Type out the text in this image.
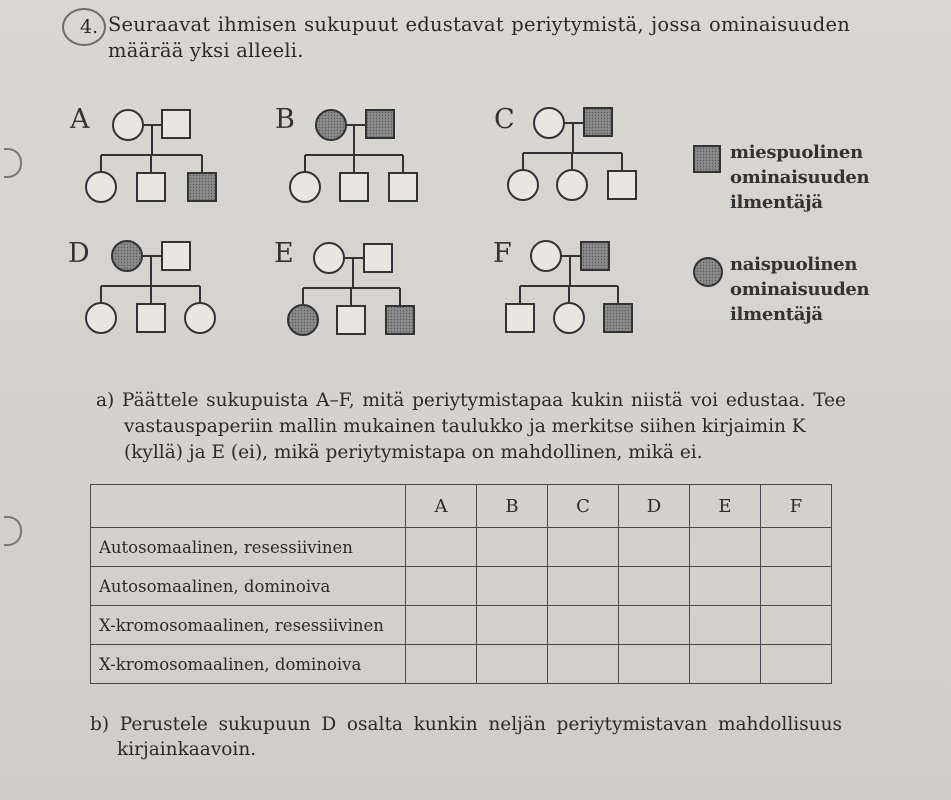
4. Seuraavat ihmisen sukupuut edustavat periytymistä, jossa ominaisuuden
määrää yksi alleeli.
A	B	C
D	E	F
miespuolinen
ominaisuuden
ilmentäjä
naispuolinen
ominaisuuden
ilmentäjä
a) Päättele sukupuista A–F, mitä periytymistapaa kukin niistä voi edustaa. Tee
vastauspaperiin mallin mukainen taulukko ja merkitse siihen kirjaimin K
(kyllä) ja E (ei), mikä periytymistapa on mahdollinen, mikä ei.
	A	B	C	D	E	F
Autosomaalinen, resessiivinen						
Autosomaalinen, dominoiva						
X-kromosomaalinen, resessiivinen						
X-kromosomaalinen, dominoiva						
b) Perustele sukupuun D osalta kunkin neljän periytymistavan mahdollisuus
kirjainkaavoin.
